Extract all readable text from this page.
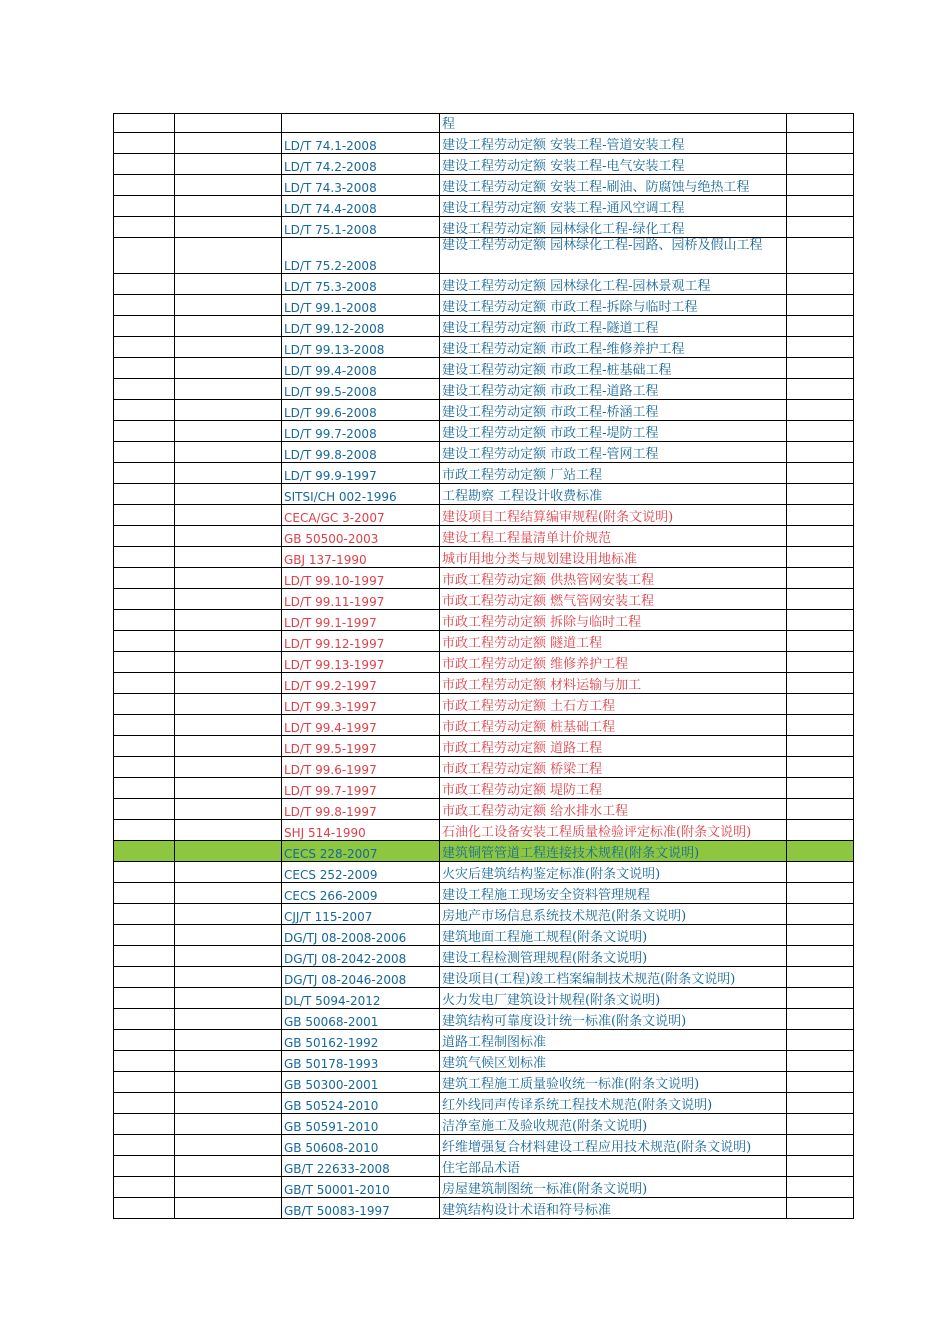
			程	
		LD/T 74.1-2008	建设工程劳动定额 安装工程-管道安装工程	
		LD/T 74.2-2008	建设工程劳动定额 安装工程-电气安装工程	
		LD/T 74.3-2008	建设工程劳动定额 安装工程-刷油、防腐蚀与绝热工程	
		LD/T 74.4-2008	建设工程劳动定额 安装工程-通风空调工程	
		LD/T 75.1-2008	建设工程劳动定额 园林绿化工程-绿化工程	
		LD/T 75.2-2008	建设工程劳动定额 园林绿化工程-园路、园桥及假山工程	
		LD/T 75.3-2008	建设工程劳动定额 园林绿化工程-园林景观工程	
		LD/T 99.1-2008	建设工程劳动定额 市政工程-拆除与临时工程	
		LD/T 99.12-2008	建设工程劳动定额 市政工程-隧道工程	
		LD/T 99.13-2008	建设工程劳动定额 市政工程-维修养护工程	
		LD/T 99.4-2008	建设工程劳动定额 市政工程-桩基础工程	
		LD/T 99.5-2008	建设工程劳动定额 市政工程-道路工程	
		LD/T 99.6-2008	建设工程劳动定额 市政工程-桥涵工程	
		LD/T 99.7-2008	建设工程劳动定额 市政工程-堤防工程	
		LD/T 99.8-2008	建设工程劳动定额 市政工程-管网工程	
		LD/T 99.9-1997	市政工程劳动定额 厂站工程	
		SITSI/CH 002-1996	工程勘察 工程设计收费标准	
		CECA/GC 3-2007	建设项目工程结算编审规程(附条文说明)	
		GB 50500-2003	建设工程工程量清单计价规范	
		GBJ 137-1990	城市用地分类与规划建设用地标准	
		LD/T 99.10-1997	市政工程劳动定额 供热管网安装工程	
		LD/T 99.11-1997	市政工程劳动定额 燃气管网安装工程	
		LD/T 99.1-1997	市政工程劳动定额 拆除与临时工程	
		LD/T 99.12-1997	市政工程劳动定额 隧道工程	
		LD/T 99.13-1997	市政工程劳动定额 维修养护工程	
		LD/T 99.2-1997	市政工程劳动定额 材料运输与加工	
		LD/T 99.3-1997	市政工程劳动定额 土石方工程	
		LD/T 99.4-1997	市政工程劳动定额 桩基础工程	
		LD/T 99.5-1997	市政工程劳动定额 道路工程	
		LD/T 99.6-1997	市政工程劳动定额 桥梁工程	
		LD/T 99.7-1997	市政工程劳动定额 堤防工程	
		LD/T 99.8-1997	市政工程劳动定额 给水排水工程	
		SHJ 514-1990	石油化工设备安装工程质量检验评定标准(附条文说明)	
		CECS 228-2007	建筑铜管管道工程连接技术规程(附条文说明)	
		CECS 252-2009	火灾后建筑结构鉴定标准(附条文说明)	
		CECS 266-2009	建设工程施工现场安全资料管理规程	
		CJJ/T 115-2007	房地产市场信息系统技术规范(附条文说明)	
		DG/TJ 08-2008-2006	建筑地面工程施工规程(附条文说明)	
		DG/TJ 08-2042-2008	建设工程检测管理规程(附条文说明)	
		DG/TJ 08-2046-2008	建设项目(工程)竣工档案编制技术规范(附条文说明)	
		DL/T 5094-2012	火力发电厂建筑设计规程(附条文说明)	
		GB 50068-2001	建筑结构可靠度设计统一标准(附条文说明)	
		GB 50162-1992	道路工程制图标准	
		GB 50178-1993	建筑气候区划标准	
		GB 50300-2001	建筑工程施工质量验收统一标准(附条文说明)	
		GB 50524-2010	红外线同声传译系统工程技术规范(附条文说明)	
		GB 50591-2010	洁净室施工及验收规范(附条文说明)	
		GB 50608-2010	纤维增强复合材料建设工程应用技术规范(附条文说明)	
		GB/T 22633-2008	住宅部品术语	
		GB/T 50001-2010	房屋建筑制图统一标准(附条文说明)	
		GB/T 50083-1997	建筑结构设计术语和符号标准	
